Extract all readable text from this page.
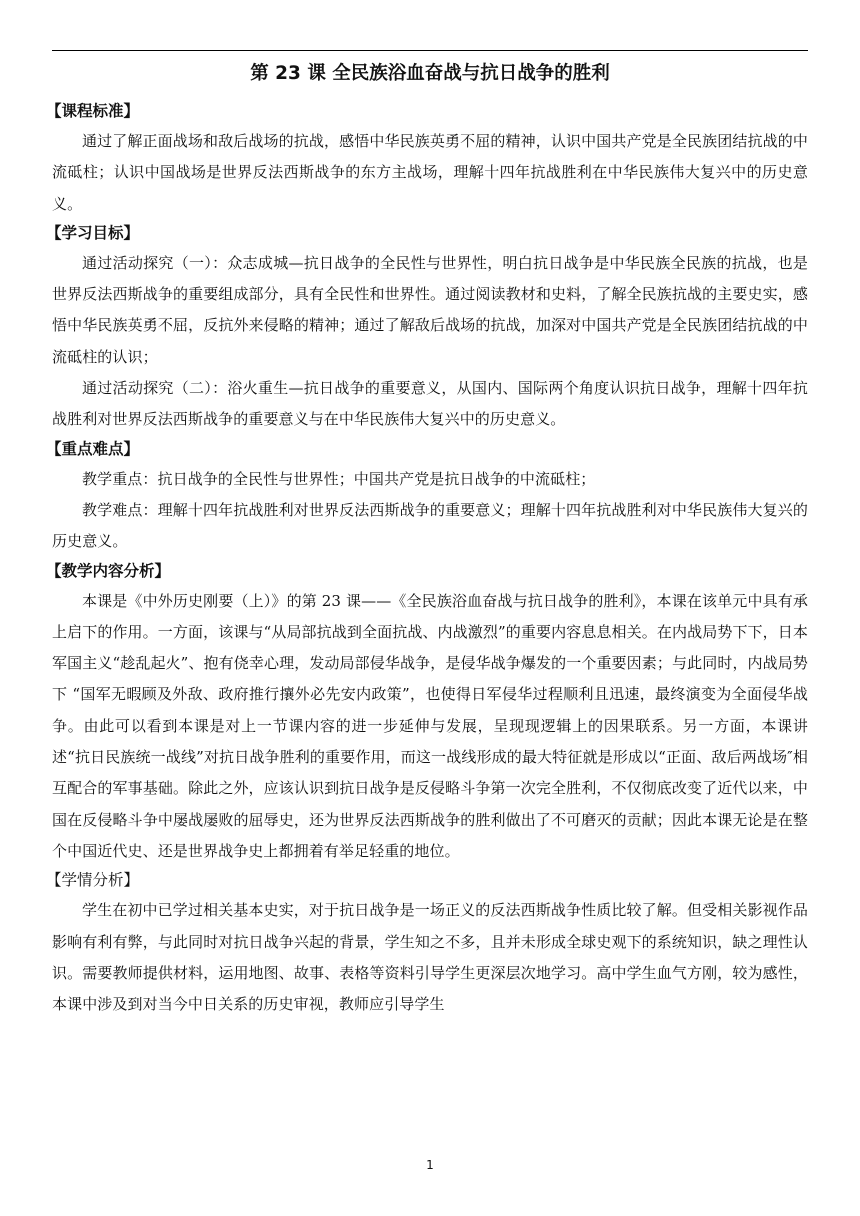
第 23 课 全民族浴血奋战与抗日战争的胜利
【课程标准】

通过了解正面战场和敌后战场的抗战，感悟中华民族英勇不屈的精神，认识中国共产党是全民族团结抗战的中流砥柱；认识中国战场是世界反法西斯战争的东方主战场，理解十四年抗战胜利在中华民族伟大复兴中的历史意义。

【学习目标】

通过活动探究（一）：众志成城—抗日战争的全民性与世界性，明白抗日战争是中华民族全民族的抗战，也是世界反法西斯战争的重要组成部分，具有全民性和世界性。通过阅读教材和史料，了解全民族抗战的主要史实，感悟中华民族英勇不屈，反抗外来侵略的精神；通过了解敌后战场的抗战，加深对中国共产党是全民族团结抗战的中流砥柱的认识；

通过活动探究（二）：浴火重生—抗日战争的重要意义，从国内、国际两个角度认识抗日战争，理解十四年抗战胜利对世界反法西斯战争的重要意义与在中华民族伟大复兴中的历史意义。

【重点难点】

教学重点：抗日战争的全民性与世界性；中国共产党是抗日战争的中流砥柱；

教学难点：理解十四年抗战胜利对世界反法西斯战争的重要意义；理解十四年抗战胜利对中华民族伟大复兴的历史意义。

【教学内容分析】

本课是《中外历史刚要（上）》的第 23 课——《全民族浴血奋战与抗日战争的胜利》，本课在该单元中具有承上启下的作用。一方面，该课与“从局部抗战到全面抗战、内战激烈”的重要内容息息相关。在内战局势下下，日本军国主义“趁乱起火”、抱有侥幸心理，发动局部侵华战争，是侵华战争爆发的一个重要因素；与此同时，内战局势下 “国军无暇顾及外敌、政府推行攘外必先安内政策”，也使得日军侵华过程顺利且迅速，最终演变为全面侵华战争。由此可以看到本课是对上一节课内容的进一步延伸与发展，呈现现逻辑上的因果联系。另一方面，本课讲述“抗日民族统一战线”对抗日战争胜利的重要作用，而这一战线形成的最大特征就是形成以“正面、敌后两战场″相互配合的军事基础。除此之外，应该认识到抗日战争是反侵略斗争第一次完全胜利，不仅彻底改变了近代以来，中国在反侵略斗争中屡战屡败的屈辱史，还为世界反法西斯战争的胜利做出了不可磨灭的贡献；因此本课无论是在整个中国近代史、还是世界战争史上都拥着有举足轻重的地位。

【学情分析】

学生在初中已学过相关基本史实，对于抗日战争是一场正义的反法西斯战争性质比较了解。但受相关影视作品影响有利有弊，与此同时对抗日战争兴起的背景，学生知之不多，且并未形成全球史观下的系统知识，缺之理性认识。需要教师提供材料，运用地图、故事、表格等资料引导学生更深层次地学习。高中学生血气方刚，较为感性，本课中涉及到对当今中日关系的历史审视，教师应引导学生

1
